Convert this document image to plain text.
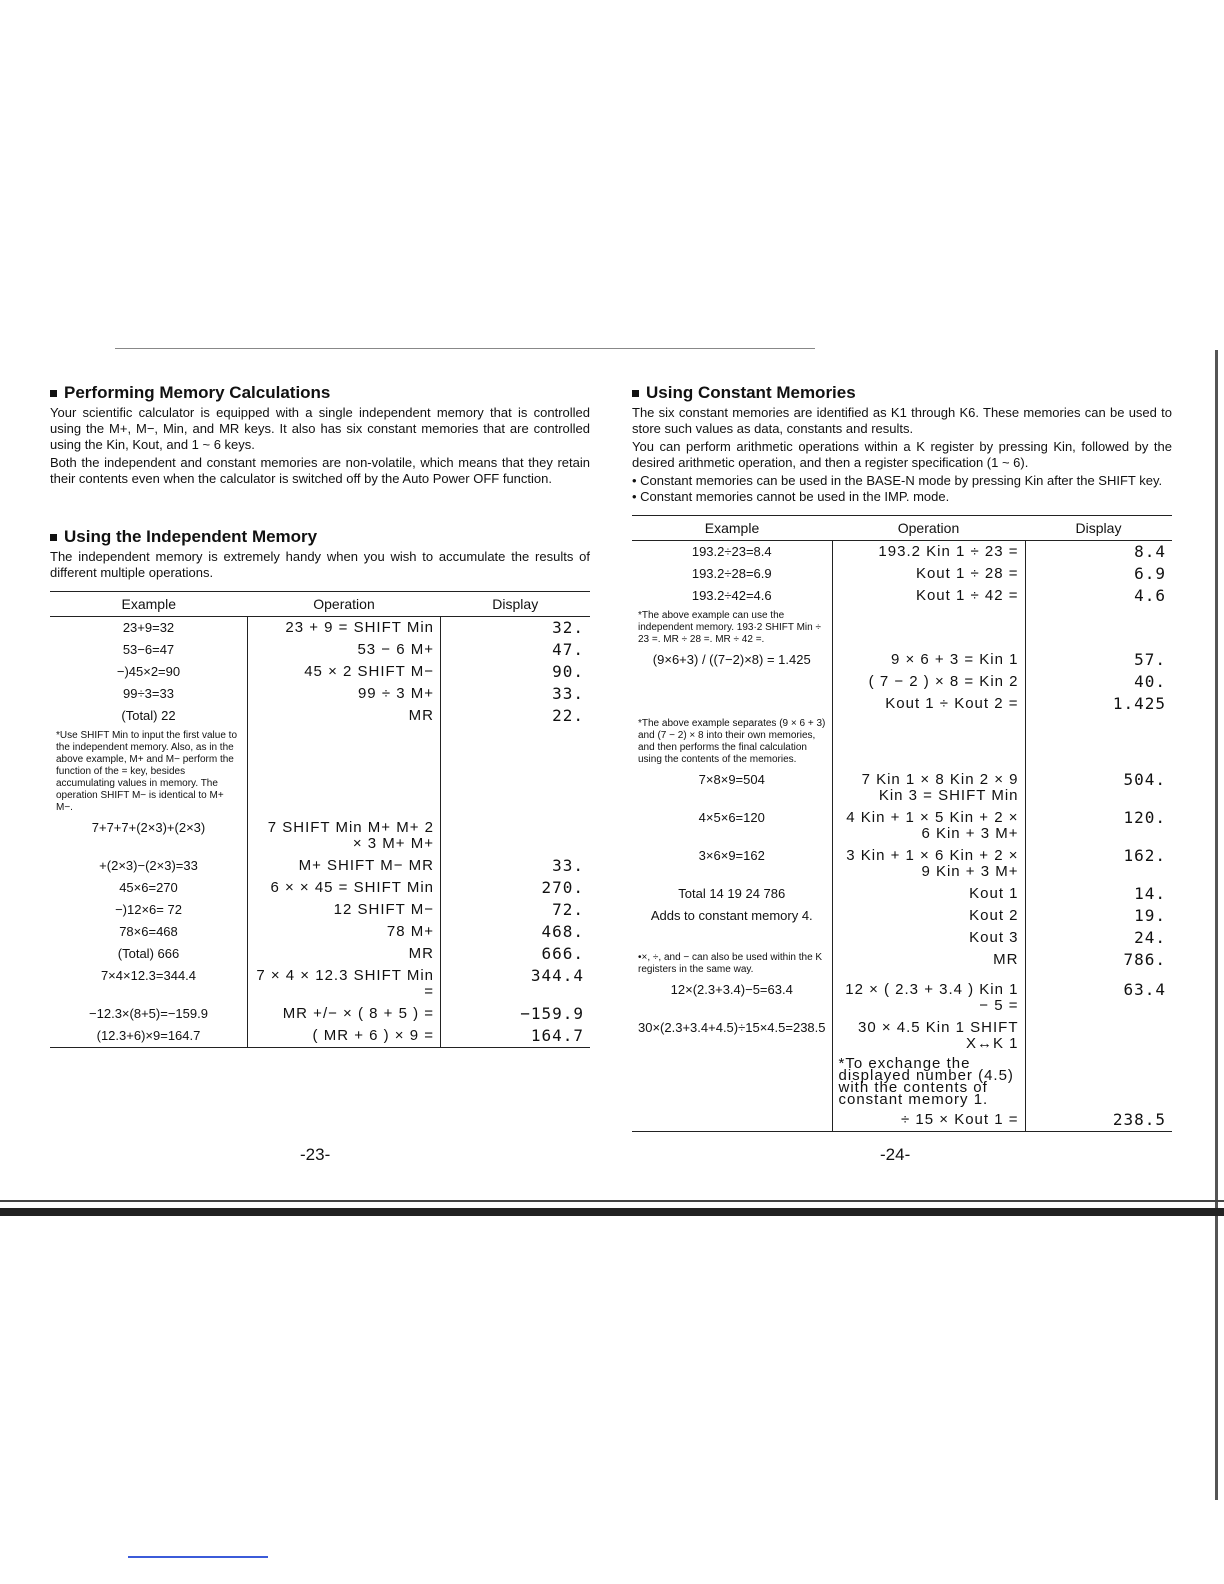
Performing Memory Calculations

Your scientific calculator is equipped with a single independent memory that is controlled using the M+, M−, Min, and MR keys. It also has six constant memories that are controlled using the Kin, Kout, and 1 ~ 6 keys.

Both the independent and constant memories are non-volatile, which means that they retain their contents even when the calculator is switched off by the Auto Power OFF function.

Using the Independent Memory

The independent memory is extremely handy when you wish to accumulate the results of different multiple operations.

Example	Operation	Display
23+9=32	23 + 9 = SHIFT Min	32.
53−6=47	53 − 6 M+	47.
−)45×2=90	45 × 2 SHIFT M−	90.
99÷3=33	99 ÷ 3 M+	33.
(Total) 22	MR	22.
*Use SHIFT Min to input the first value to the independent memory. Also, as in the above example, M+ and M− perform the function of the = key, besides accumulating values in memory. The operation SHIFT M− is identical to M+ M−.		
7+7+7+(2×3)+(2×3)	7 SHIFT Min M+ M+ 2 × 3 M+ M+	
+(2×3)−(2×3)=33	M+ SHIFT M− MR	33.
45×6=270	6 × × 45 = SHIFT Min	270.
−)12×6= 72	12 SHIFT M−	72.
78×6=468	78 M+	468.
(Total) 666	MR	666.
7×4×12.3=344.4	7 × 4 × 12.3 SHIFT Min =	344.4
−12.3×(8+5)=−159.9	MR +/− × ( 8 + 5 ) =	−159.9
(12.3+6)×9=164.7	( MR + 6 ) × 9 =	164.7
-23-
Using Constant Memories

The six constant memories are identified as K1 through K6. These memories can be used to store such values as data, constants and results.

You can perform arithmetic operations within a K register by pressing Kin, followed by the desired arithmetic operation, and then a register specification (1 ~ 6).

• Constant memories can be used in the BASE-N mode by pressing Kin after the SHIFT key.

• Constant memories cannot be used in the IMP. mode.

Example	Operation	Display
193.2÷23=8.4	193.2 Kin 1 ÷ 23 =	8.4
193.2÷28=6.9	Kout 1 ÷ 28 =	6.9
193.2÷42=4.6	Kout 1 ÷ 42 =	4.6
*The above example can use the independent memory. 193·2 SHIFT Min ÷ 23 =. MR ÷ 28 =. MR ÷ 42 =.		
(9×6+3) / ((7−2)×8) = 1.425	9 × 6 + 3 = Kin 1	57.
	( 7 − 2 ) × 8 = Kin 2	40.
	Kout 1 ÷ Kout 2 =	1.425
*The above example separates (9 × 6 + 3) and (7 − 2) × 8 into their own memories, and then performs the final calculation using the contents of the memories.		
7×8×9=504	7 Kin 1 × 8 Kin 2 × 9 Kin 3 = SHIFT Min	504.
4×5×6=120	4 Kin + 1 × 5 Kin + 2 × 6 Kin + 3 M+	120.
3×6×9=162	3 Kin + 1 × 6 Kin + 2 × 9 Kin + 3 M+	162.
Total 14 19 24 786	Kout 1	14.
Adds to constant memory 4.	Kout 2	19.
	Kout 3	24.
•×, ÷, and − can also be used within the K registers in the same way.	MR	786.
12×(2.3+3.4)−5=63.4	12 × ( 2.3 + 3.4 ) Kin 1 − 5 =	63.4
30×(2.3+3.4+4.5)÷15×4.5=238.5	30 × 4.5 Kin 1 SHIFT X↔K 1	
	*To exchange the displayed number (4.5) with the contents of constant memory 1.	
	÷ 15 × Kout 1 =	238.5
-24-
